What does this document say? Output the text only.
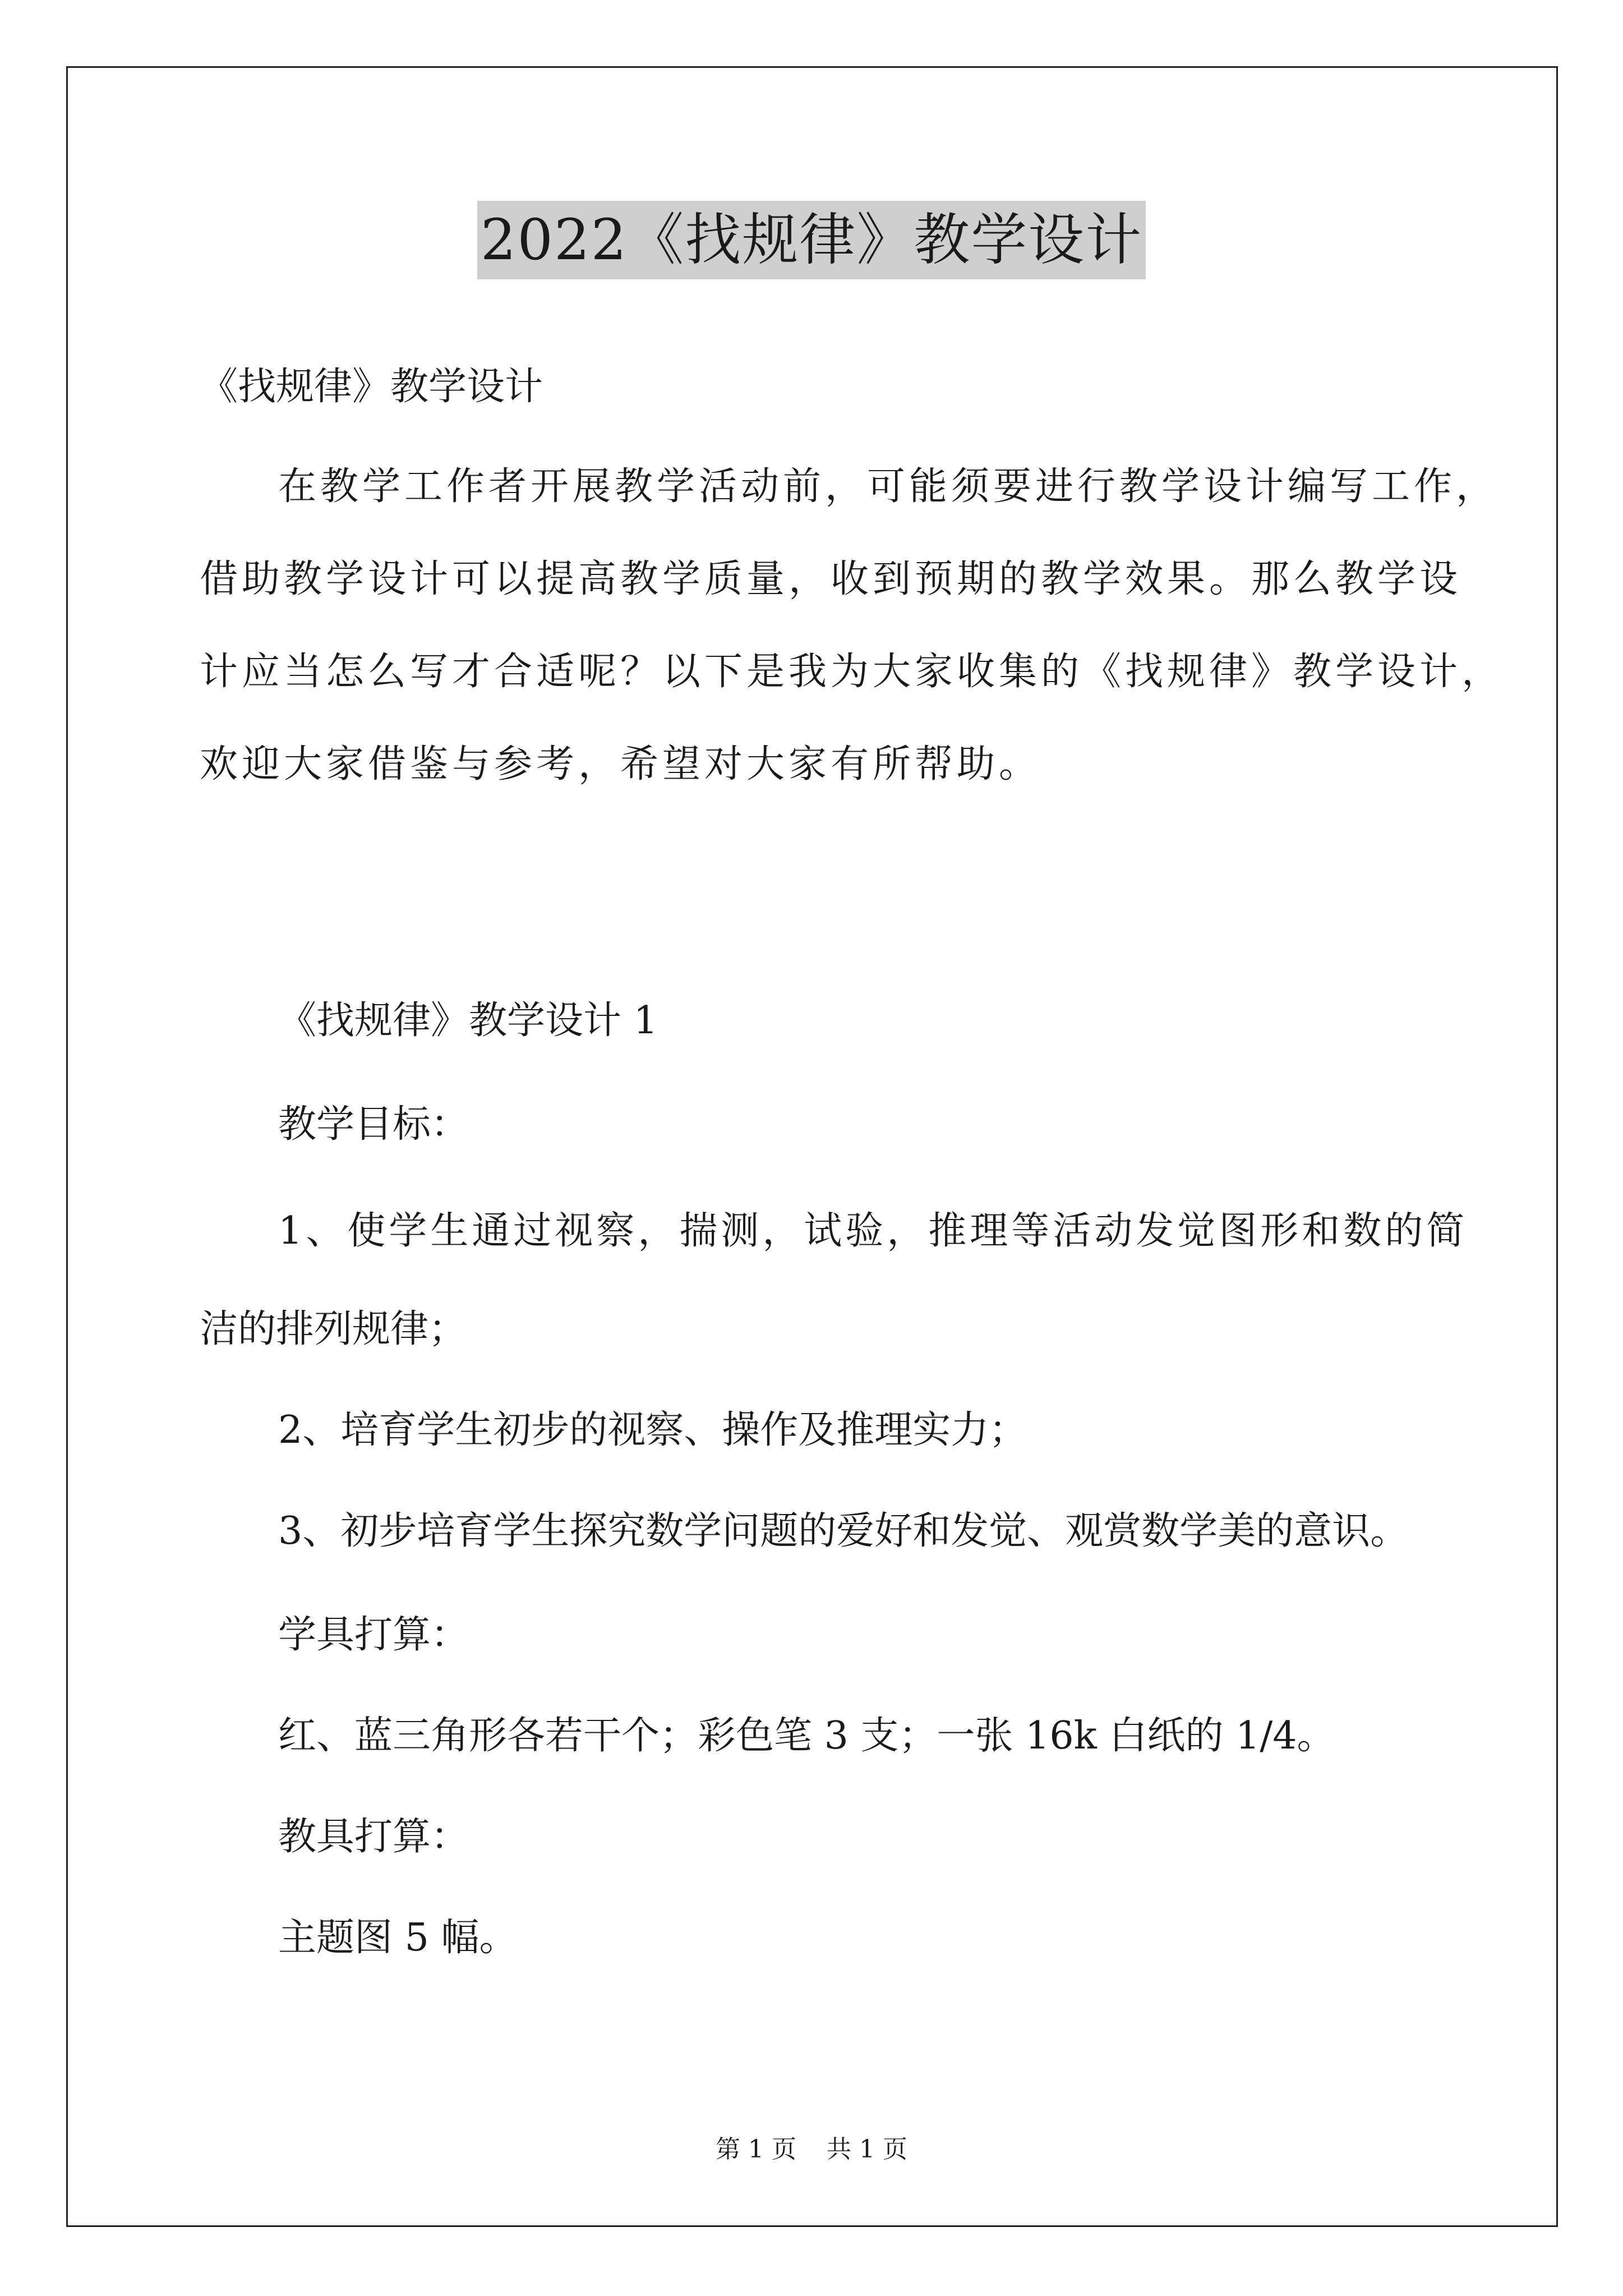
2022《找规律》教学设计
《找规律》教学设计
在教学工作者开展教学活动前，可能须要进行教学设计编写工作，
借助教学设计可以提高教学质量，收到预期的教学效果。那么教学设
计应当怎么写才合适呢？以下是我为大家收集的《找规律》教学设计，
欢迎大家借鉴与参考，希望对大家有所帮助。
《找规律》教学设计 1
教学目标：
1、使学生通过视察，揣测，试验，推理等活动发觉图形和数的简
洁的排列规律；
2、培育学生初步的视察、操作及推理实力；
3、初步培育学生探究数学问题的爱好和发觉、观赏数学美的意识。
学具打算：
红、蓝三角形各若干个；彩色笔 3 支；一张 16k 白纸的 1/4。
教具打算：
主题图 5 幅。
第 1 页 共 1 页
